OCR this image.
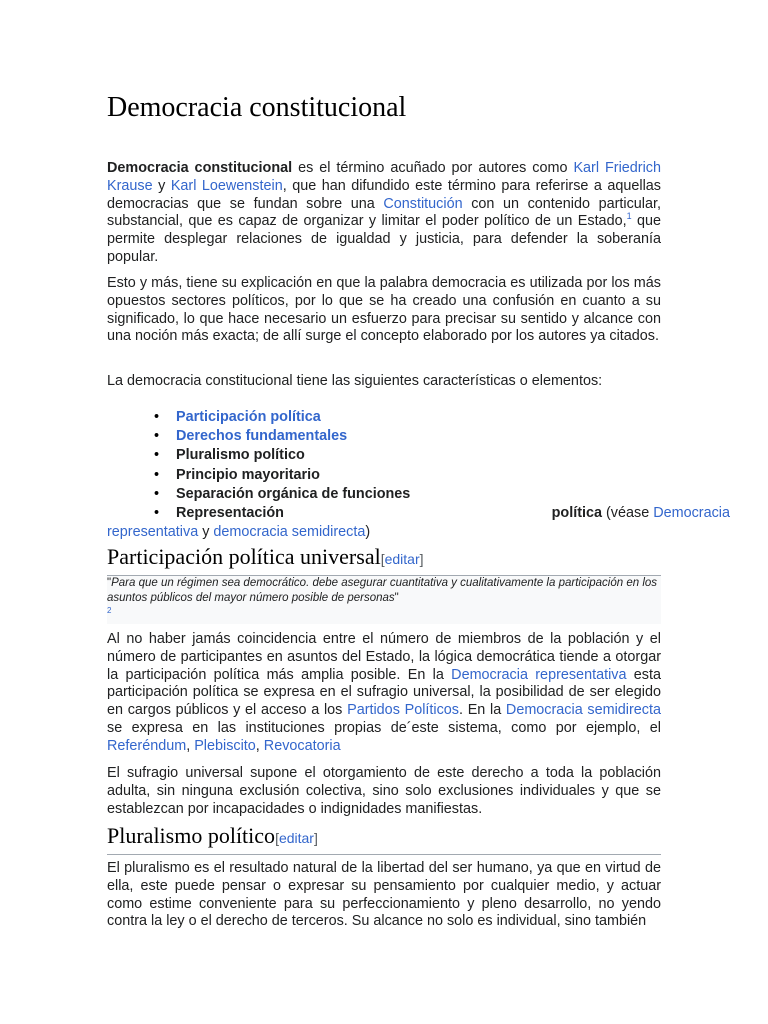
Democracia constitucional

Democracia constitucional es el término acuñado por autores como Karl Friedrich Krause y Karl Loewenstein, que han difundido este término para referirse a aquellas democracias que se fundan sobre una Constitución con un contenido particular, substancial, que es capaz de organizar y limitar el poder político de un Estado,$^1$ que permite desplegar relaciones de igualdad y justicia, para defender la soberanía popular.

Esto y más, tiene su explicación en que la palabra democracia es utilizada por los más opuestos sectores políticos, por lo que se ha creado una confusión en cuanto a su significado, lo que hace necesario un esfuerzo para precisar su sentido y alcance con una noción más exacta; de allí surge el concepto elaborado por los autores ya citados.

La democracia constitucional tiene las siguientes características o elementos:

• Participación política
• Derechos fundamentales
• Pluralismo político
• Principio mayoritario
• Separación orgánica de funciones
• Representación	política (véase Democracia
representativa y democracia semidirecta)
Participación política universal[editar]
"Para que un régimen sea democrático. debe asegurar cuantitativa y cualitativamente la participación en los asuntos públicos del mayor número posible de personas"
2

Al no haber jamás coincidencia entre el número de miembros de la población y el número de participantes en asuntos del Estado, la lógica democrática tiende a otorgar la participación política más amplia posible. En la Democracia representativa esta participación política se expresa en el sufragio universal, la posibilidad de ser elegido en cargos públicos y el acceso a los Partidos Políticos. En la Democracia semidirecta se expresa en las instituciones propias de´este sistema, como por ejemplo, el Referéndum, Plebiscito, Revocatoria

El sufragio universal supone el otorgamiento de este derecho a toda la población adulta, sin ninguna exclusión colectiva, sino solo exclusiones individuales y que se establezcan por incapacidades o indignidades manifiestas.

Pluralismo político[editar]

El pluralismo es el resultado natural de la libertad del ser humano, ya que en virtud de ella, este puede pensar o expresar su pensamiento por cualquier medio, y actuar como estime conveniente para su perfeccionamiento y pleno desarrollo, no yendo contra la ley o el derecho de terceros. Su alcance no solo es individual, sino también
